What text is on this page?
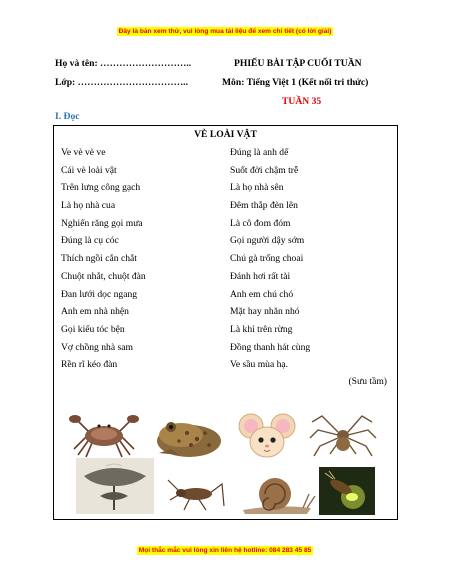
Đây là bản xem thử, vui lòng mua tài liệu để xem chi tiết (có lời giải)
Họ và tên: ………………………..
Lớp: ……………………………..
PHIẾU BÀI TẬP CUỐI TUẦN
Môn: Tiếng Việt 1 (Kết nối tri thức)
TUẦN 35
I. Đọc
VÈ LOÀI VẬT
Ve vè vè ve
Cái vè loài vật
Trên lưng công gạch
Là họ nhà cua
Nghiến răng gọi mưa
Đúng là cụ cóc
Thích ngồi cắn chắt
Chuột nhắt, chuột đàn
Đan lưới dọc ngang
Anh em nhà nhện
Gọi kiểu tóc bện
Vợ chồng nhà sam
Rền rĩ kéo đàn
Đúng là anh dế
Suốt đời chậm trễ
Là họ nhà sên
Đêm thắp đèn lên
Là cô đom đóm
Gọi người dậy sớm
Chú gà trống choai
Đánh hơi rất tài
Anh em chú chó
Mặt hay nhăn nhó
Là khỉ trên rừng
Đồng thanh hát cùng
Ve sầu mùa hạ.
(Sưu tầm)
Mọi thắc mắc vui lòng xin liên hệ hotline: 084 283 45 85
